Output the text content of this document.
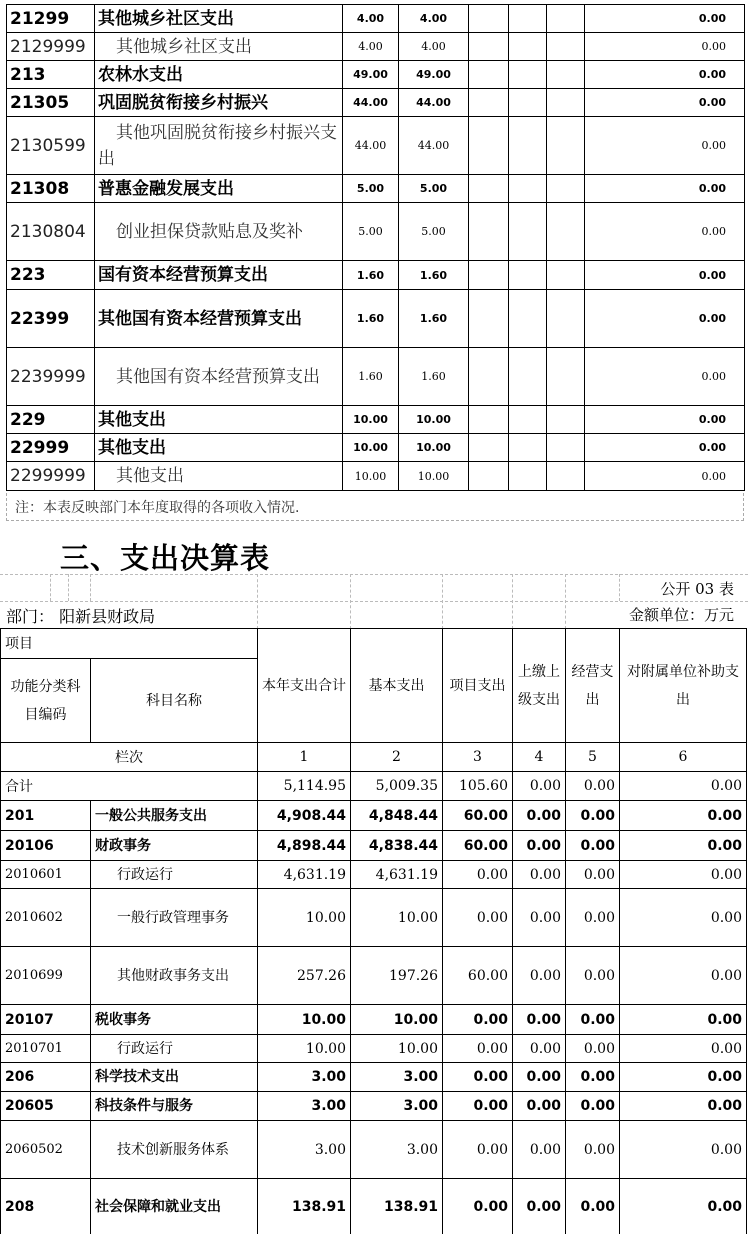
21299	其他城乡社区支出	4.00	4.00				0.00
2129999	其他城乡社区支出	4.00	4.00				0.00
213	农林水支出	49.00	49.00				0.00
21305	巩固脱贫衔接乡村振兴	44.00	44.00				0.00
2130599	其他巩固脱贫衔接乡村振兴支出	44.00	44.00				0.00
21308	普惠金融发展支出	5.00	5.00				0.00
2130804	创业担保贷款贴息及奖补	5.00	5.00				0.00
223	国有资本经营预算支出	1.60	1.60				0.00
22399	其他国有资本经营预算支出	1.60	1.60				0.00
2239999	其他国有资本经营预算支出	1.60	1.60				0.00
229	其他支出	10.00	10.00				0.00
22999	其他支出	10.00	10.00				0.00
2299999	其他支出	10.00	10.00				0.00
注：本表反映部门本年度取得的各项收入情况.
三、支出决算表
公开 03 表
部门： 阳新县财政局	金额单位：万元
项目		本年支出合计	基本支出	项目支出	上缴上级支出	经营支出	对附属单位补助支出
功能分类科目编码	科目名称						
栏次		1	2	3	4	5	6
合计		5,114.95	5,009.35	105.60	0.00	0.00	0.00
201	一般公共服务支出	4,908.44	4,848.44	60.00	0.00	0.00	0.00
20106	财政事务	4,898.44	4,838.44	60.00	0.00	0.00	0.00
2010601	行政运行	4,631.19	4,631.19	0.00	0.00	0.00	0.00
2010602	一般行政管理事务	10.00	10.00	0.00	0.00	0.00	0.00
2010699	其他财政事务支出	257.26	197.26	60.00	0.00	0.00	0.00
20107	税收事务	10.00	10.00	0.00	0.00	0.00	0.00
2010701	行政运行	10.00	10.00	0.00	0.00	0.00	0.00
206	科学技术支出	3.00	3.00	0.00	0.00	0.00	0.00
20605	科技条件与服务	3.00	3.00	0.00	0.00	0.00	0.00
2060502	技术创新服务体系	3.00	3.00	0.00	0.00	0.00	0.00
208	社会保障和就业支出	138.91	138.91	0.00	0.00	0.00	0.00
